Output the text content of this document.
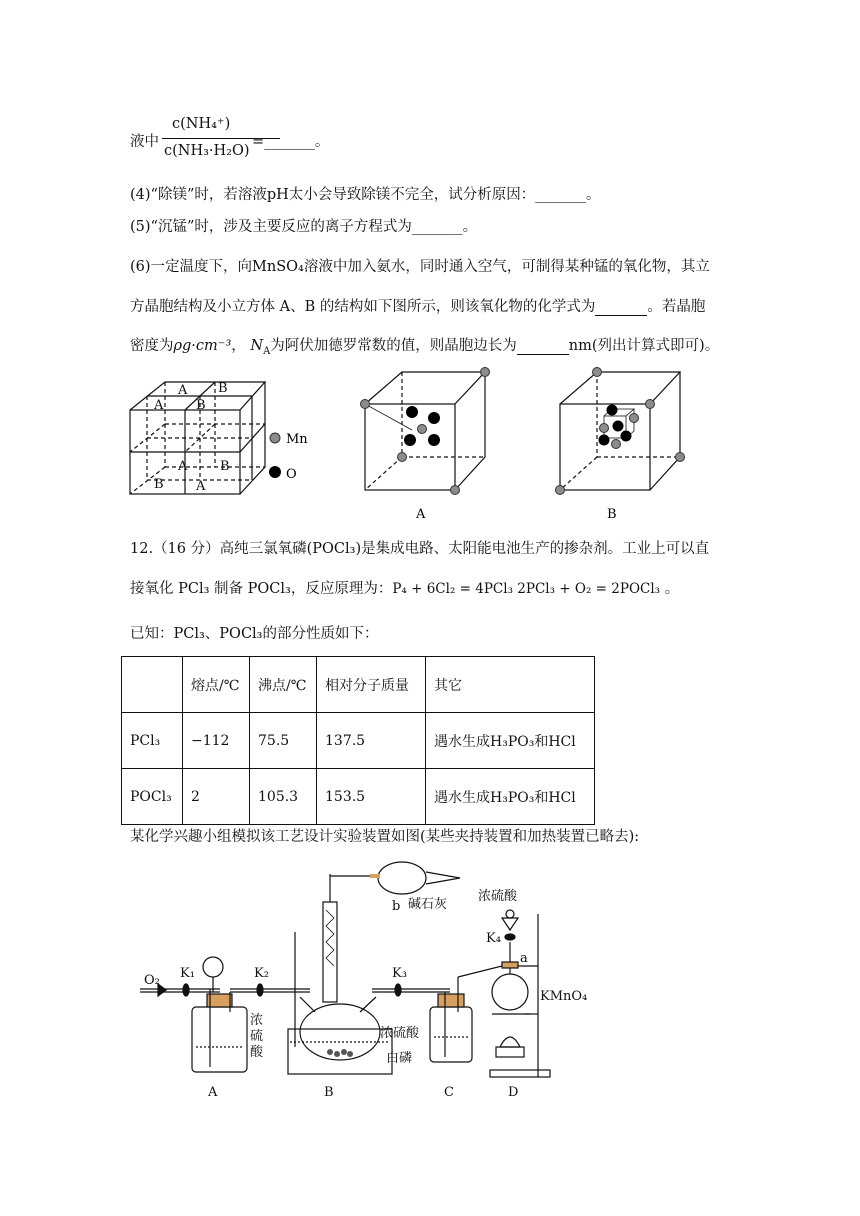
液中
c(NH₄⁺)
c(NH₃·H₂O)
=_______。
(4)“除镁”时，若溶液pH太小会导致除镁不完全，试分析原因：_______。
(5)“沉锰”时，涉及主要反应的离子方程式为_______。
(6)一定温度下，向MnSO₄溶液中加入氨水，同时通入空气，可制得某种锰的氧化物，其立
方晶胞结构及小立方体 A、B 的结构如下图所示，则该氧化物的化学式为	。若晶胞
密度为ρg·cm⁻³， $N_A$为阿伏加德罗常数的值，则晶胞边长为	nm(列出计算式即可)。
A B
B
A
A	B
B A
Mn
O
A	B
12.（16 分）高纯三氯氧磷(POCl₃)是集成电路、太阳能电池生产的掺杂剂。工业上可以直
接氧化 PCl₃ 制备 POCl₃，反应原理为：P₄ + 6Cl₂ = 4PCl₃ 2PCl₃ + O₂ = 2POCl₃ 。
已知：PCl₃、POCl₃的部分性质如下：
	熔点/℃	沸点/℃	相对分子质量	其它
PCl₃	−112	75.5	137.5	遇水生成H₃PO₃和HCl
POCl₃	2	105.3	153.5	遇水生成H₃PO₃和HCl
某化学兴趣小组模拟该工艺设计实验装置如图(某些夹持装置和加热装置已略去):
O₂ K₁	K₂	K₃
K₄
浓硫酸
浓硫酸
浓硫酸
b 碱石灰
白磷
a
KMnO₄
A	B	C	D
